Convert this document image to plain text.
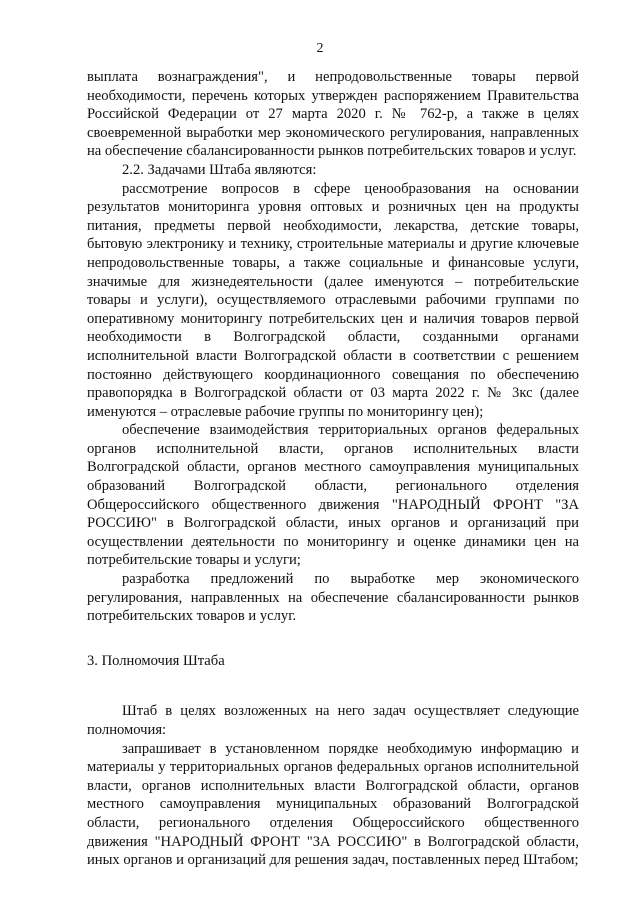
2

выплата вознаграждения", и непродовольственные товары первой необходимости, перечень которых утвержден распоряжением Правительства Российской Федерации от 27 марта 2020 г. № 762-р, а также в целях своевременной выработки мер экономического регулирования, направленных на обеспечение сбалансированности рынков потребительских товаров и услуг.

2.2. Задачами Штаба являются:

рассмотрение вопросов в сфере ценообразования на основании результатов мониторинга уровня оптовых и розничных цен на продукты питания, предметы первой необходимости, лекарства, детские товары, бытовую электронику и технику, строительные материалы и другие ключевые непродовольственные товары, а также социальные и финансовые услуги, значимые для жизнедеятельности (далее именуются – потребительские товары и услуги), осуществляемого отраслевыми рабочими группами по оперативному мониторингу потребительских цен и наличия товаров первой необходимости в Волгоградской области, созданными органами исполнительной власти Волгоградской области в соответствии с решением постоянно действующего координационного совещания по обеспечению правопорядка в Волгоградской области от 03 марта 2022 г. № 3кс (далее именуются – отраслевые рабочие группы по мониторингу цен);

обеспечение взаимодействия территориальных органов федеральных органов исполнительной власти, органов исполнительных власти Волгоградской области, органов местного самоуправления муниципальных образований Волгоградской области, регионального отделения Общероссийского общественного движения "НАРОДНЫЙ ФРОНТ "ЗА РОССИЮ" в Волгоградской области, иных органов и организаций при осуществлении деятельности по мониторингу и оценке динамики цен на потребительские товары и услуги;

разработка предложений по выработке мер экономического регулирования, направленных на обеспечение сбалансированности рынков потребительских товаров и услуг.

3. Полномочия Штаба

Штаб в целях возложенных на него задач осуществляет следующие полномочия:

запрашивает в установленном порядке необходимую информацию и материалы у территориальных органов федеральных органов исполнительной власти, органов исполнительных власти Волгоградской области, органов местного самоуправления муниципальных образований Волгоградской области, регионального отделения Общероссийского общественного движения "НАРОДНЫЙ ФРОНТ "ЗА РОССИЮ" в Волгоградской области, иных органов и организаций для решения задач, поставленных перед Штабом;
